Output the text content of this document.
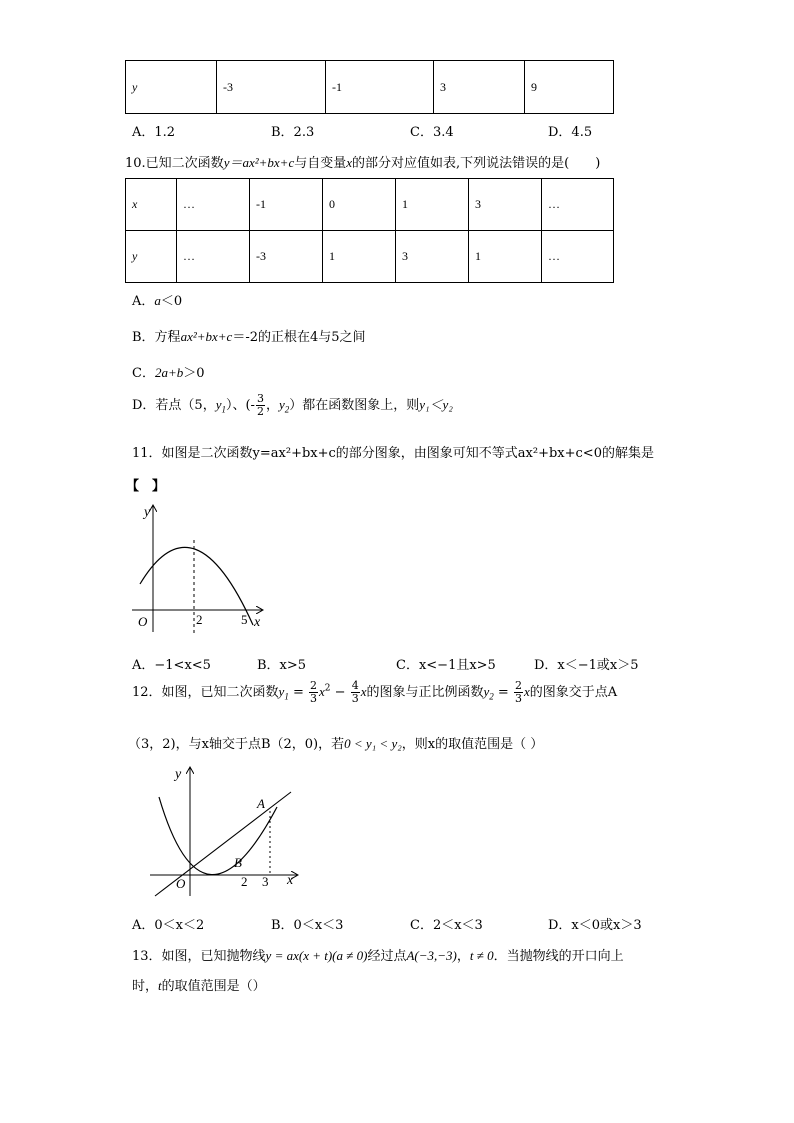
y	-3	-1	3	9
A．1.2	B．2.3	C．3.4	D．4.5
10.已知二次函数y＝ax²+bx+c与自变量x的部分对应值如表,下列说法错误的是(　　)
x	…	-1	0	1	3	…
y	…	-3	1	3	1	…
A．a＜0
B．方程ax²+bx+c＝-2的正根在4与5之间
C．2a+b＞0
D．若点（5，$y_1$）、(- $\frac{3}{2}$ ，$y_2$）都在函数图象上，则y₁＜y₂
11．如图是二次函数y=ax²+bx+c的部分图象，由图象可知不等式ax²+bx+c<0的解集是
【　】
y
O	2	5 x
A．−1<x<5	B．x>5	C．x<−1且x>5	D．x＜−1或x＞5
12．如图，已知二次函数$y_1 = \frac{2}{3} x^2 - \frac{4}{3}$ x的图象与正比例函数$y_2 = \frac{2}{3}$ x的图象交于点A
（3，2)，与x轴交于点B（2，0)，若0 < y₁ < y₂，则x的取值范围是（ ）
y
A
B
O	2 3 x
A．0＜x＜2	B．0＜x＜3	C．2＜x＜3	D．x＜0或x＞3
13．如图，已知抛物线y = ax(x + t)(a ≠ 0)经过点A(−3,−3)，t ≠ 0．当抛物线的开口向上
时，t的取值范围是（）
